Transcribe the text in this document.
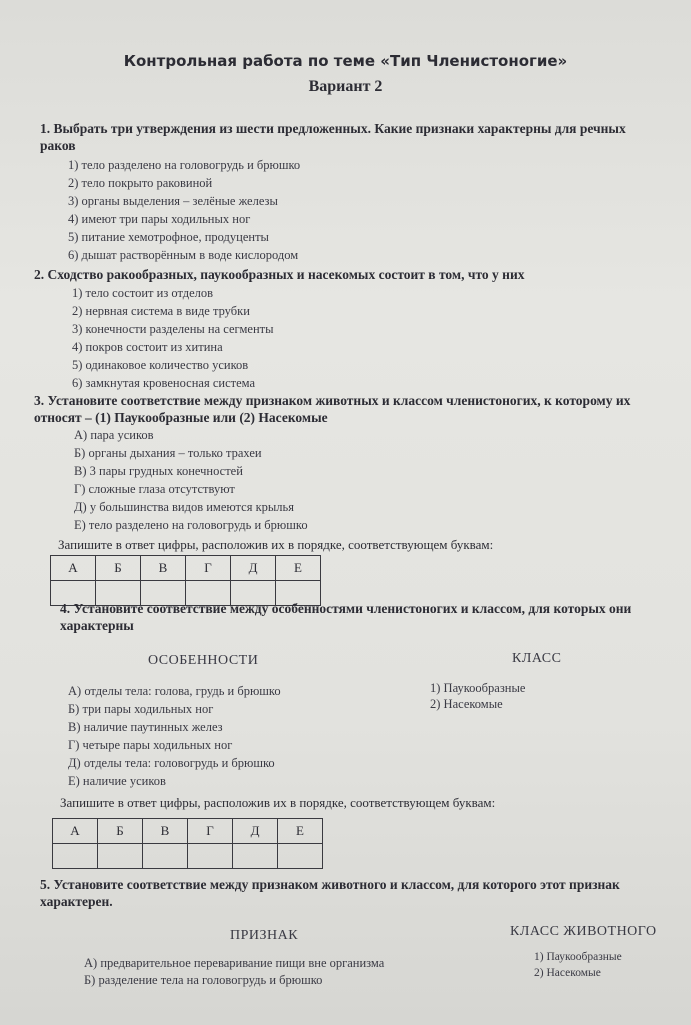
Контрольная работа по теме «Тип Членистоногие»
Вариант 2
1. Выбрать три утверждения из шести предложенных. Какие признаки характерны для речных раков
1) тело разделено на головогрудь и брюшко
2) тело покрыто раковиной
3) органы выделения – зелёные железы
4) имеют три пары ходильных ног
5) питание хемотрофное, продуценты
6) дышат растворённым в воде кислородом
2. Сходство ракообразных, паукообразных и насекомых состоит в том, что у них
1) тело состоит из отделов
2) нервная система в виде трубки
3) конечности разделены на сегменты
4) покров состоит из хитина
5) одинаковое количество усиков
6) замкнутая кровеносная система
3. Установите соответствие между признаком животных и классом членистоногих, к которому их относят – (1) Паукообразные или (2) Насекомые
А) пара усиков
Б) органы дыхания – только трахеи
В) 3 пары грудных конечностей
Г) сложные глаза отсутствуют
Д) у большинства видов имеются крылья
Е) тело разделено на головогрудь и брюшко
Запишите в ответ цифры, расположив их в порядке, соответствующем буквам:
А	Б	В	Г	Д	Е

4. Установите соответствие между особенностями членистоногих и классом, для которых они характерны
ОСОБЕННОСТИ	КЛАСС
А) отделы тела: голова, грудь и брюшко
Б) три пары ходильных ног
В) наличие паутинных желез
Г) четыре пары ходильных ног
Д) отделы тела: головогрудь и брюшко
Е) наличие усиков
1) Паукообразные
2) Насекомые
Запишите в ответ цифры, расположив их в порядке, соответствующем буквам:
А	Б	В	Г	Д	Е

5. Установите соответствие между признаком животного и классом, для которого этот признак характерен.
ПРИЗНАК	КЛАСС ЖИВОТНОГО
А) предварительное переваривание пищи вне организма
Б) разделение тела на головогрудь и брюшко
1) Паукообразные
2) Насекомые
